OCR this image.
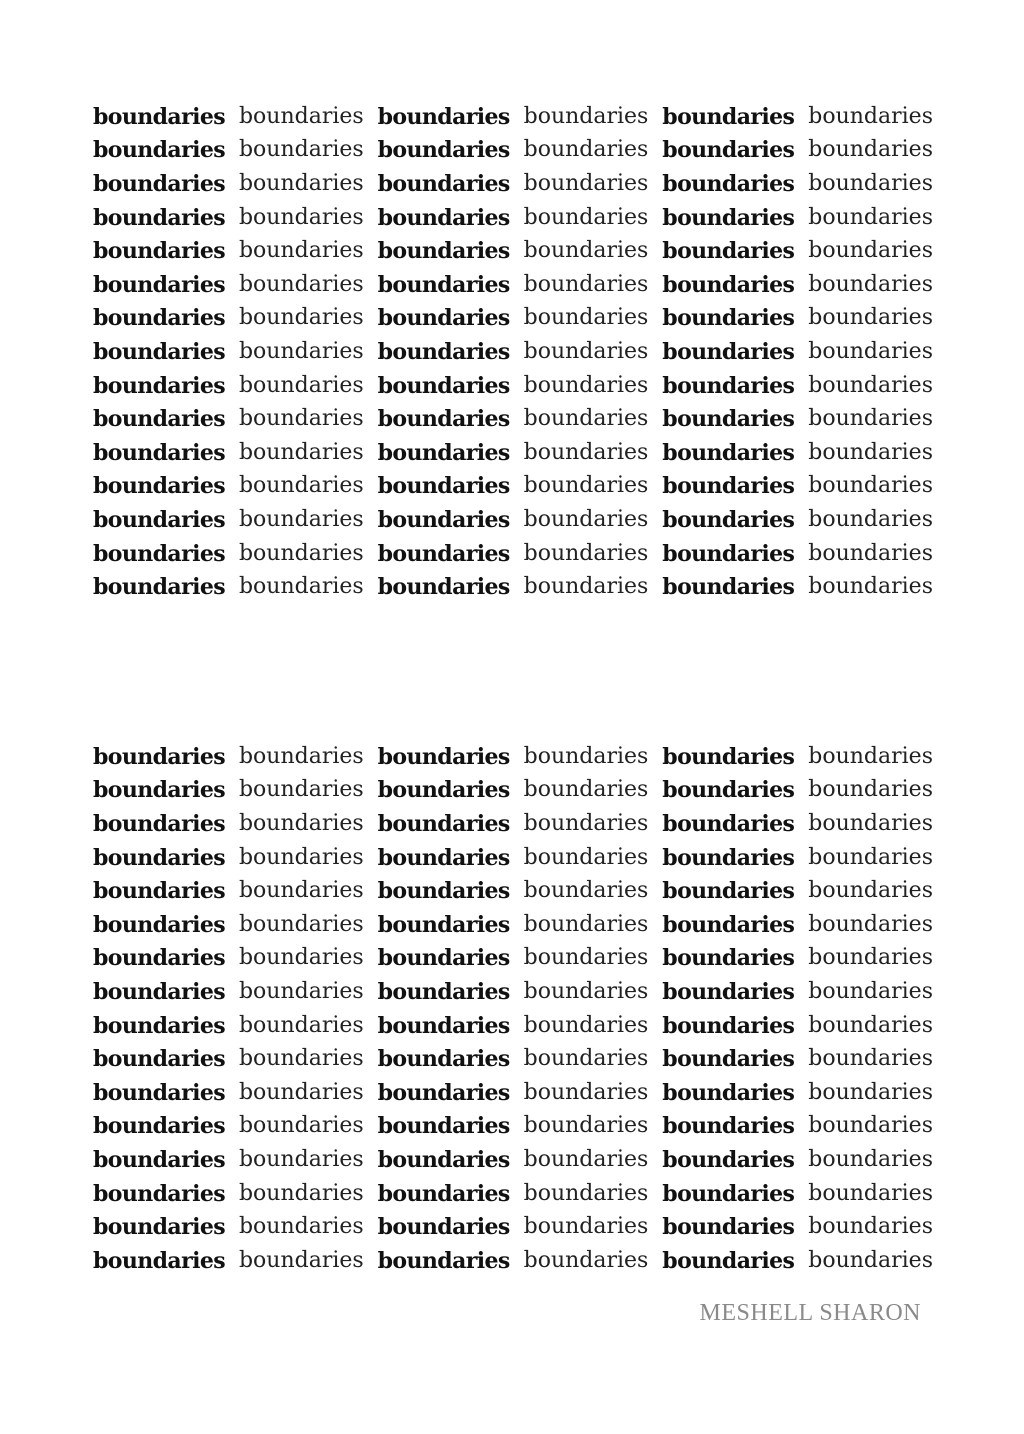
boundaries boundaries boundaries boundaries boundaries boundaries
boundaries boundaries boundaries boundaries boundaries boundaries
boundaries boundaries boundaries boundaries boundaries boundaries
boundaries boundaries boundaries boundaries boundaries boundaries
boundaries boundaries boundaries boundaries boundaries boundaries
boundaries boundaries boundaries boundaries boundaries boundaries
boundaries boundaries boundaries boundaries boundaries boundaries
boundaries boundaries boundaries boundaries boundaries boundaries
boundaries boundaries boundaries boundaries boundaries boundaries
boundaries boundaries boundaries boundaries boundaries boundaries
boundaries boundaries boundaries boundaries boundaries boundaries
boundaries boundaries boundaries boundaries boundaries boundaries
boundaries boundaries boundaries boundaries boundaries boundaries
boundaries boundaries boundaries boundaries boundaries boundaries
boundaries boundaries boundaries boundaries boundaries boundaries
boundaries boundaries boundaries boundaries boundaries boundaries
boundaries boundaries boundaries boundaries boundaries boundaries
boundaries boundaries boundaries boundaries boundaries boundaries
boundaries boundaries boundaries boundaries boundaries boundaries
boundaries boundaries boundaries boundaries boundaries boundaries
boundaries boundaries boundaries boundaries boundaries boundaries
boundaries boundaries boundaries boundaries boundaries boundaries
boundaries boundaries boundaries boundaries boundaries boundaries
boundaries boundaries boundaries boundaries boundaries boundaries
boundaries boundaries boundaries boundaries boundaries boundaries
boundaries boundaries boundaries boundaries boundaries boundaries
boundaries boundaries boundaries boundaries boundaries boundaries
boundaries boundaries boundaries boundaries boundaries boundaries
boundaries boundaries boundaries boundaries boundaries boundaries
boundaries boundaries boundaries boundaries boundaries boundaries
boundaries boundaries boundaries boundaries boundaries boundaries
MESHELL SHARON
